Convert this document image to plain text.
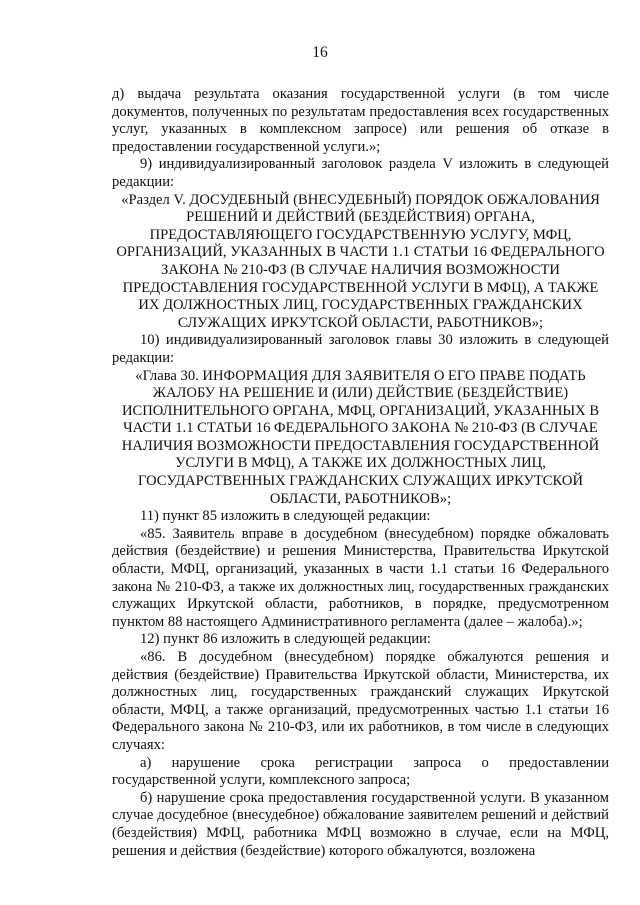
16

д) выдача результата оказания государственной услуги (в том числе документов, полученных по результатам предоставления всех государственных услуг, указанных в комплексном запросе) или решения об отказе в предоставлении государственной услуги.»;

9) индивидуализированный заголовок раздела V изложить в следующей редакции:

«Раздел V. ДОСУДЕБНЫЙ (ВНЕСУДЕБНЫЙ) ПОРЯДОК ОБЖАЛОВАНИЯ РЕШЕНИЙ И ДЕЙСТВИЙ (БЕЗДЕЙСТВИЯ) ОРГАНА, ПРЕДОСТАВЛЯЮЩЕГО ГОСУДАРСТВЕННУЮ УСЛУГУ, МФЦ, ОРГАНИЗАЦИЙ, УКАЗАННЫХ В ЧАСТИ 1.1 СТАТЬИ 16 ФЕДЕРАЛЬНОГО ЗАКОНА № 210-ФЗ (В СЛУЧАЕ НАЛИЧИЯ ВОЗМОЖНОСТИ ПРЕДОСТАВЛЕНИЯ ГОСУДАРСТВЕННОЙ УСЛУГИ В МФЦ), А ТАКЖЕ ИХ ДОЛЖНОСТНЫХ ЛИЦ, ГОСУДАРСТВЕННЫХ ГРАЖДАНСКИХ СЛУЖАЩИХ ИРКУТСКОЙ ОБЛАСТИ, РАБОТНИКОВ»;

10) индивидуализированный заголовок главы 30 изложить в следующей редакции:

«Глава 30. ИНФОРМАЦИЯ ДЛЯ ЗАЯВИТЕЛЯ О ЕГО ПРАВЕ ПОДАТЬ ЖАЛОБУ НА РЕШЕНИЕ И (ИЛИ) ДЕЙСТВИЕ (БЕЗДЕЙСТВИЕ) ИСПОЛНИТЕЛЬНОГО ОРГАНА, МФЦ, ОРГАНИЗАЦИЙ, УКАЗАННЫХ В ЧАСТИ 1.1 СТАТЬИ 16 ФЕДЕРАЛЬНОГО ЗАКОНА № 210-ФЗ (В СЛУЧАЕ НАЛИЧИЯ ВОЗМОЖНОСТИ ПРЕДОСТАВЛЕНИЯ ГОСУДАРСТВЕННОЙ УСЛУГИ В МФЦ), А ТАКЖЕ ИХ ДОЛЖНОСТНЫХ ЛИЦ, ГОСУДАРСТВЕННЫХ ГРАЖДАНСКИХ СЛУЖАЩИХ ИРКУТСКОЙ ОБЛАСТИ, РАБОТНИКОВ»;

11) пункт 85 изложить в следующей редакции:

«85. Заявитель вправе в досудебном (внесудебном) порядке обжаловать действия (бездействие) и решения Министерства, Правительства Иркутской области, МФЦ, организаций, указанных в части 1.1 статьи 16 Федерального закона № 210-ФЗ, а также их должностных лиц, государственных гражданских служащих Иркутской области, работников, в порядке, предусмотренном пунктом 88 настоящего Административного регламента (далее – жалоба).»;

12) пункт 86 изложить в следующей редакции:

«86. В досудебном (внесудебном) порядке обжалуются решения и действия (бездействие) Правительства Иркутской области, Министерства, их должностных лиц, государственных гражданский служащих Иркутской области, МФЦ, а также организаций, предусмотренных частью 1.1 статьи 16 Федерального закона № 210-ФЗ, или их работников, в том числе в следующих случаях:

а) нарушение срока регистрации запроса о предоставлении государственной услуги, комплексного запроса;

б) нарушение срока предоставления государственной услуги. В указанном случае досудебное (внесудебное) обжалование заявителем решений и действий (бездействия) МФЦ, работника МФЦ возможно в случае, если на МФЦ, решения и действия (бездействие) которого обжалуются, возложена
